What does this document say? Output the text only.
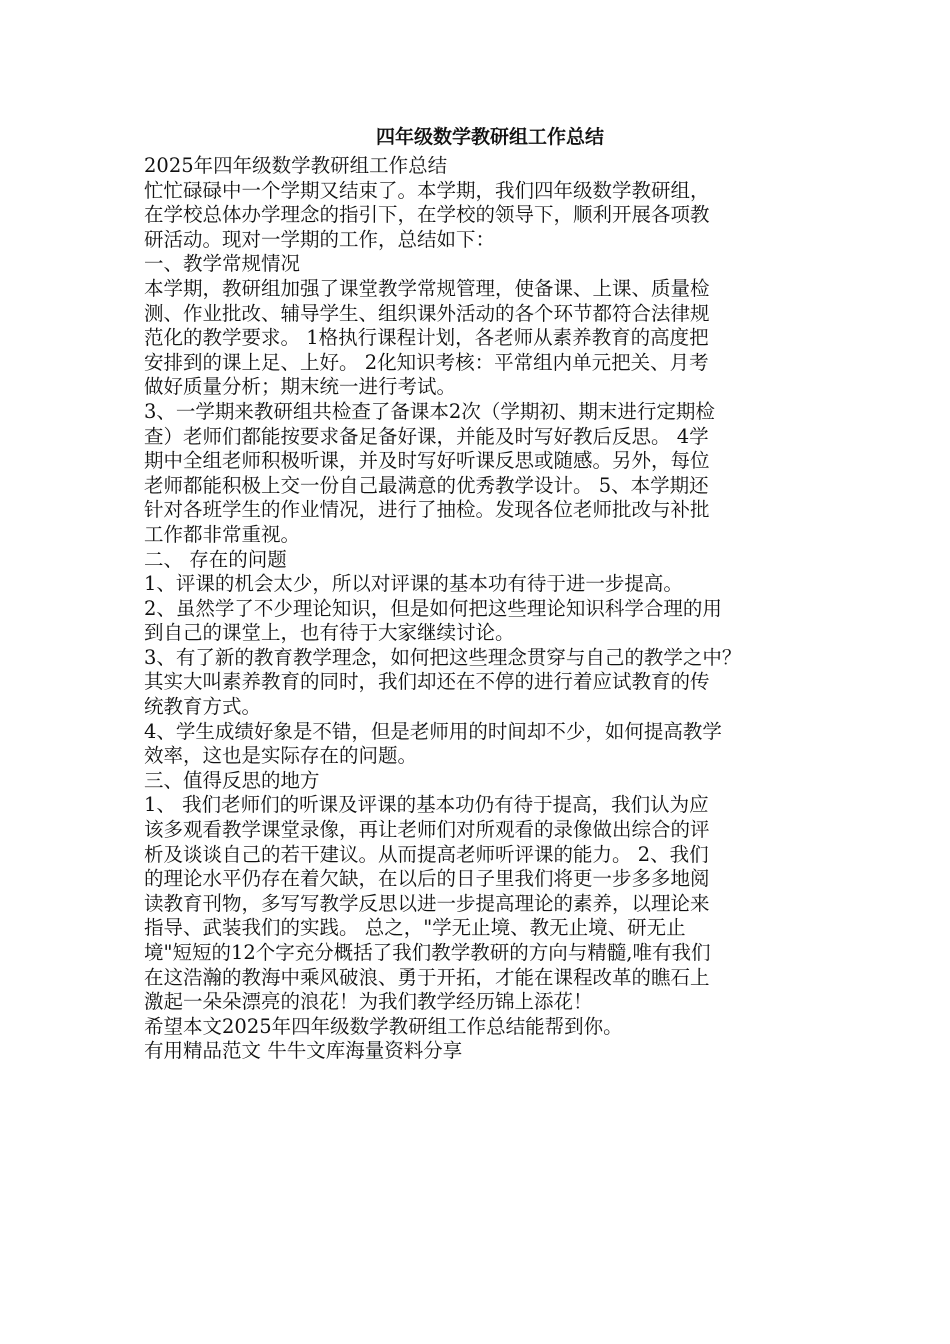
四年级数学教研组工作总结

2025年四年级数学教研组工作总结

忙忙碌碌中一个学期又结束了。本学期，我们四年级数学教研组，

在学校总体办学理念的指引下，在学校的领导下，顺利开展各项教

研活动。现对一学期的工作，总结如下：

一、教学常规情况

本学期，教研组加强了课堂教学常规管理，使备课、上课、质量检

测、作业批改、辅导学生、组织课外活动的各个环节都符合法律规

范化的教学要求。 1格执行课程计划，各老师从素养教育的高度把

安排到的课上足、上好。 2化知识考核：平常组内单元把关、月考

做好质量分析；期末统一进行考试。

3、一学期来教研组共检查了备课本2次（学期初、期末进行定期检

查）老师们都能按要求备足备好课，并能及时写好教后反思。 4学

期中全组老师积极听课，并及时写好听课反思或随感。另外，每位

老师都能积极上交一份自己最满意的优秀教学设计。 5、本学期还

针对各班学生的作业情况，进行了抽检。发现各位老师批改与补批

工作都非常重视。

二、 存在的问题

1、评课的机会太少，所以对评课的基本功有待于进一步提高。

2、虽然学了不少理论知识，但是如何把这些理论知识科学合理的用

到自己的课堂上，也有待于大家继续讨论。

3、有了新的教育教学理念，如何把这些理念贯穿与自己的教学之中？

其实大叫素养教育的同时，我们却还在不停的进行着应试教育的传

统教育方式。

4、学生成绩好象是不错，但是老师用的时间却不少，如何提高教学

效率，这也是实际存在的问题。

三、值得反思的地方

1、 我们老师们的听课及评课的基本功仍有待于提高，我们认为应

该多观看教学课堂录像，再让老师们对所观看的录像做出综合的评

析及谈谈自己的若干建议。从而提高老师听评课的能力。 2、我们

的理论水平仍存在着欠缺，在以后的日子里我们将更一步多多地阅

读教育刊物，多写写教学反思以进一步提高理论的素养，以理论来

指导、武装我们的实践。 总之，"学无止境、教无止境、研无止

境"短短的12个字充分概括了我们教学教研的方向与精髓,唯有我们

在这浩瀚的教海中乘风破浪、勇于开拓，才能在课程改革的瞧石上

激起一朵朵漂亮的浪花！为我们教学经历锦上添花！

希望本文2025年四年级数学教研组工作总结能帮到你。

有用精品范文 牛牛文库海量资料分享
